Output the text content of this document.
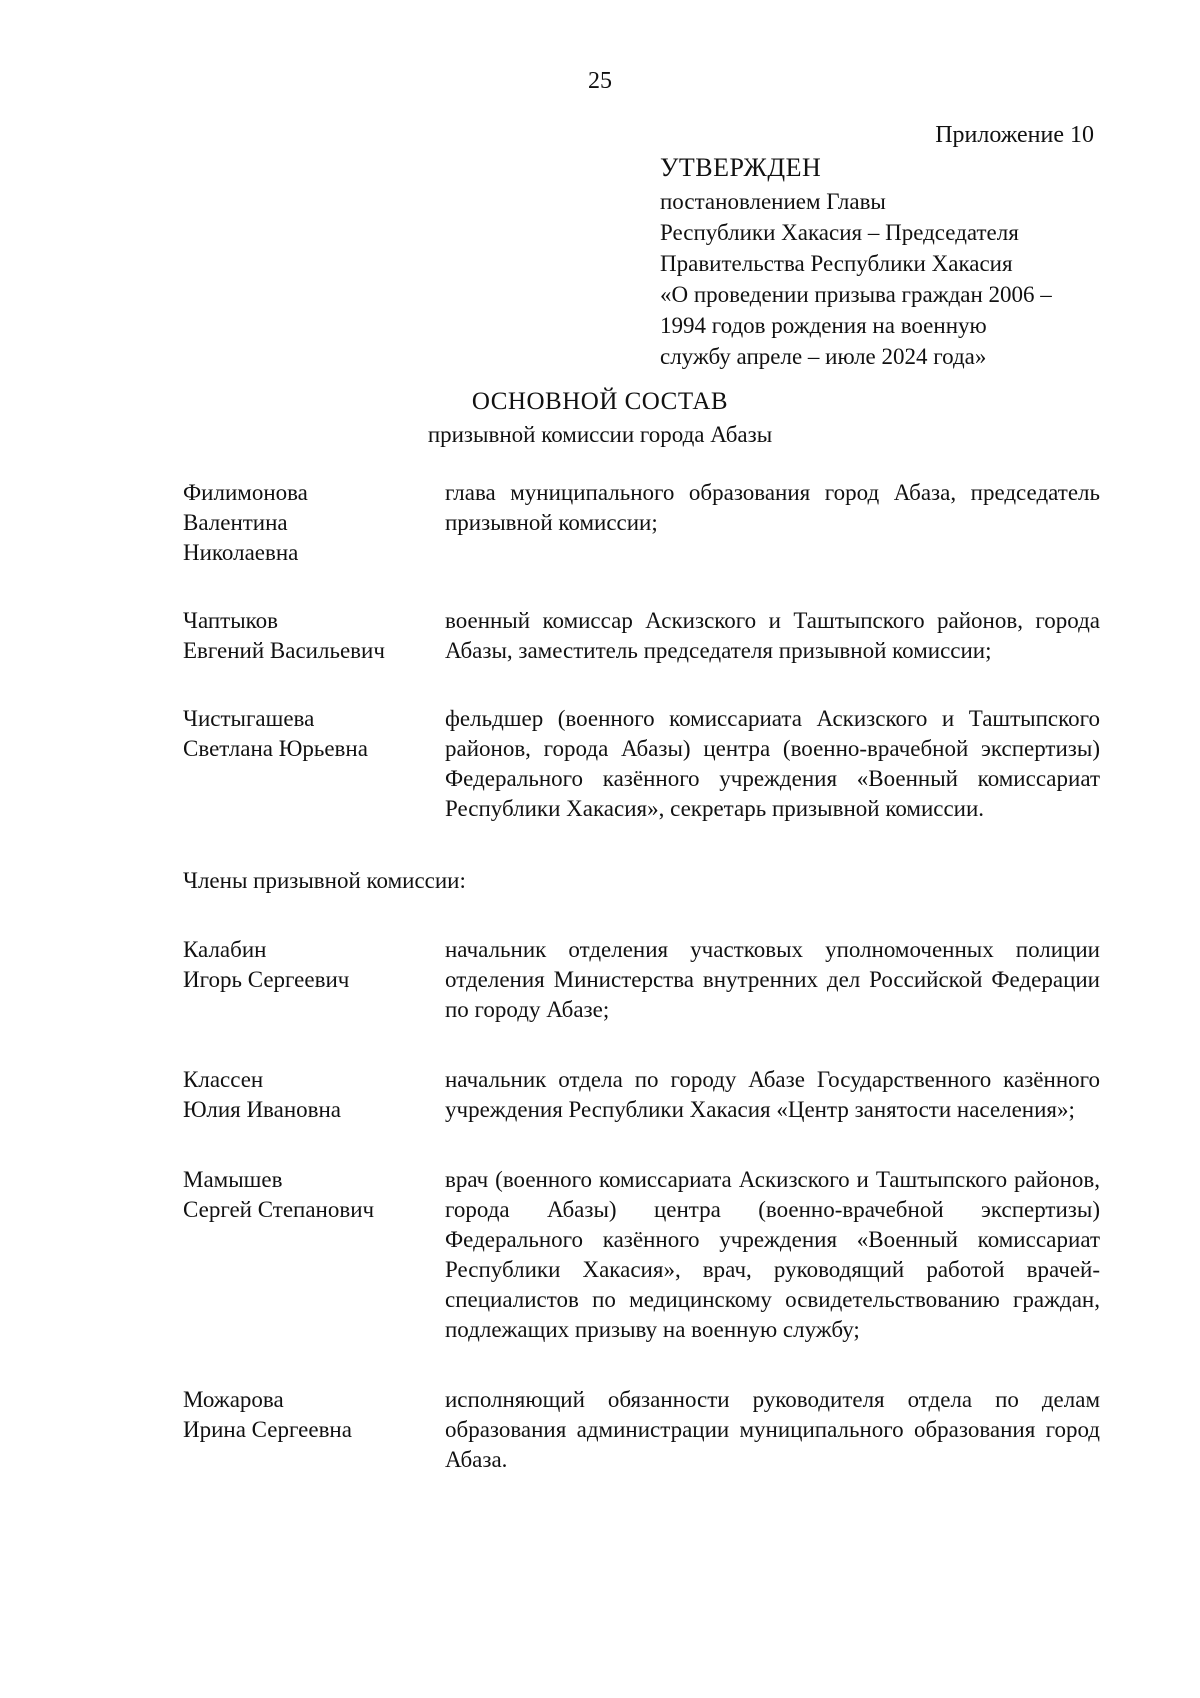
25
Приложение 10
УТВЕРЖДЕН
постановлением Главы
Республики Хакасия – Председателя
Правительства Республики Хакасия
«О проведении призыва граждан 2006 –
1994 годов рождения на военную
службу апреле – июле 2024 года»
ОСНОВНОЙ СОСТАВ
призывной комиссии города Абазы
Филимонова
Валентина
Николаевна
глава муниципального образования город Абаза, председатель призывной комиссии;
Чаптыков
Евгений Васильевич
военный комиссар Аскизского и Таштыпского районов, города Абазы, заместитель председателя призывной комиссии;
Чистыгашева
Светлана Юрьевна
фельдшер (военного комиссариата Аскизского и Таштыпского районов, города Абазы) центра (военно-врачебной экспертизы) Федерального казённого учреждения «Военный комиссариат Республики Хакасия», секретарь призывной комиссии.
Члены призывной комиссии:
Калабин
Игорь Сергеевич
начальник отделения участковых уполномоченных полиции отделения Министерства внутренних дел Российской Федерации по городу Абазе;
Классен
Юлия Ивановна
начальник отдела по городу Абазе Государственного казённого учреждения Республики Хакасия «Центр занятости населения»;
Мамышев
Сергей Степанович
врач (военного комиссариата Аскизского и Таштыпского районов, города Абазы) центра (военно-врачебной экспертизы) Федерального казённого учреждения «Военный комиссариат Республики Хакасия», врач, руководящий работой врачей-специалистов по медицинскому освидетельствованию граждан, подлежащих призыву на военную службу;
Можарова
Ирина Сергеевна
исполняющий обязанности руководителя отдела по делам образования администрации муниципального образования город Абаза.
